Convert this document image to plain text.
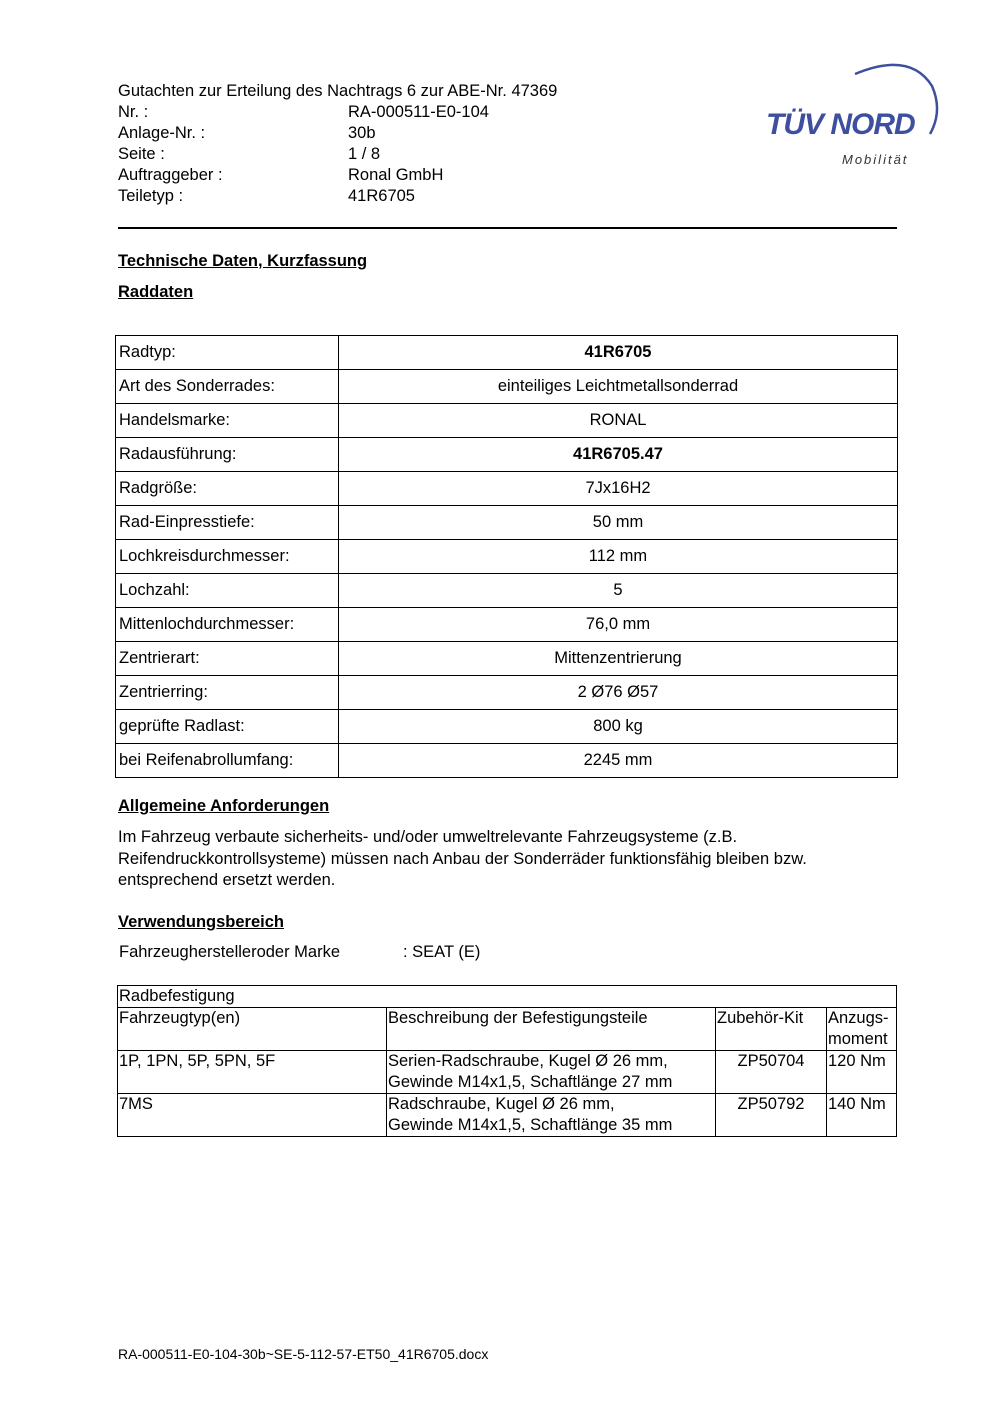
Gutachten zur Erteilung des Nachtrags 6 zur ABE-Nr. 47369
Nr. :	RA-000511-E0-104
Anlage-Nr. :	30b
Seite :	1 / 8
Auftraggeber :	Ronal GmbH
Teiletyp :	41R6705
TÜV NORD
Mobilität
Technische Daten, Kurzfassung
Raddaten
Radtyp:	41R6705
Art des Sonderrades:	einteiliges Leichtmetallsonderrad
Handelsmarke:	RONAL
Radausführung:	41R6705.47
Radgröße:	7Jx16H2
Rad-Einpresstiefe:	50 mm
Lochkreisdurchmesser:	112 mm
Lochzahl:	5
Mittenlochdurchmesser:	76,0 mm
Zentrierart:	Mittenzentrierung
Zentrierring:	2 Ø76 Ø57
geprüfte Radlast:	800 kg
bei Reifenabrollumfang:	2245 mm
Allgemeine Anforderungen
Im Fahrzeug verbaute sicherheits- und/oder umweltrelevante Fahrzeugsysteme (z.B.
Reifendruckkontrollsysteme) müssen nach Anbau der Sonderräder funktionsfähig bleiben bzw.
entsprechend ersetzt werden.
Verwendungsbereich
Fahrzeugherstelleroder Marke	: SEAT (E)
Radbefestigung			
Fahrzeugtyp(en)	Beschreibung der Befestigungsteile	Zubehör-Kit	Anzugs-
moment

1P, 1PN, 5P, 5PN, 5F	Serien-Radschraube, Kugel Ø 26 mm,
Gewinde M14x1,5, Schaftlänge 27 mm	ZP50704	120 Nm
7MS	Radschraube, Kugel Ø 26 mm,
Gewinde M14x1,5, Schaftlänge 35 mm	ZP50792	140 Nm
RA-000511-E0-104-30b~SE-5-112-57-ET50_41R6705.docx
